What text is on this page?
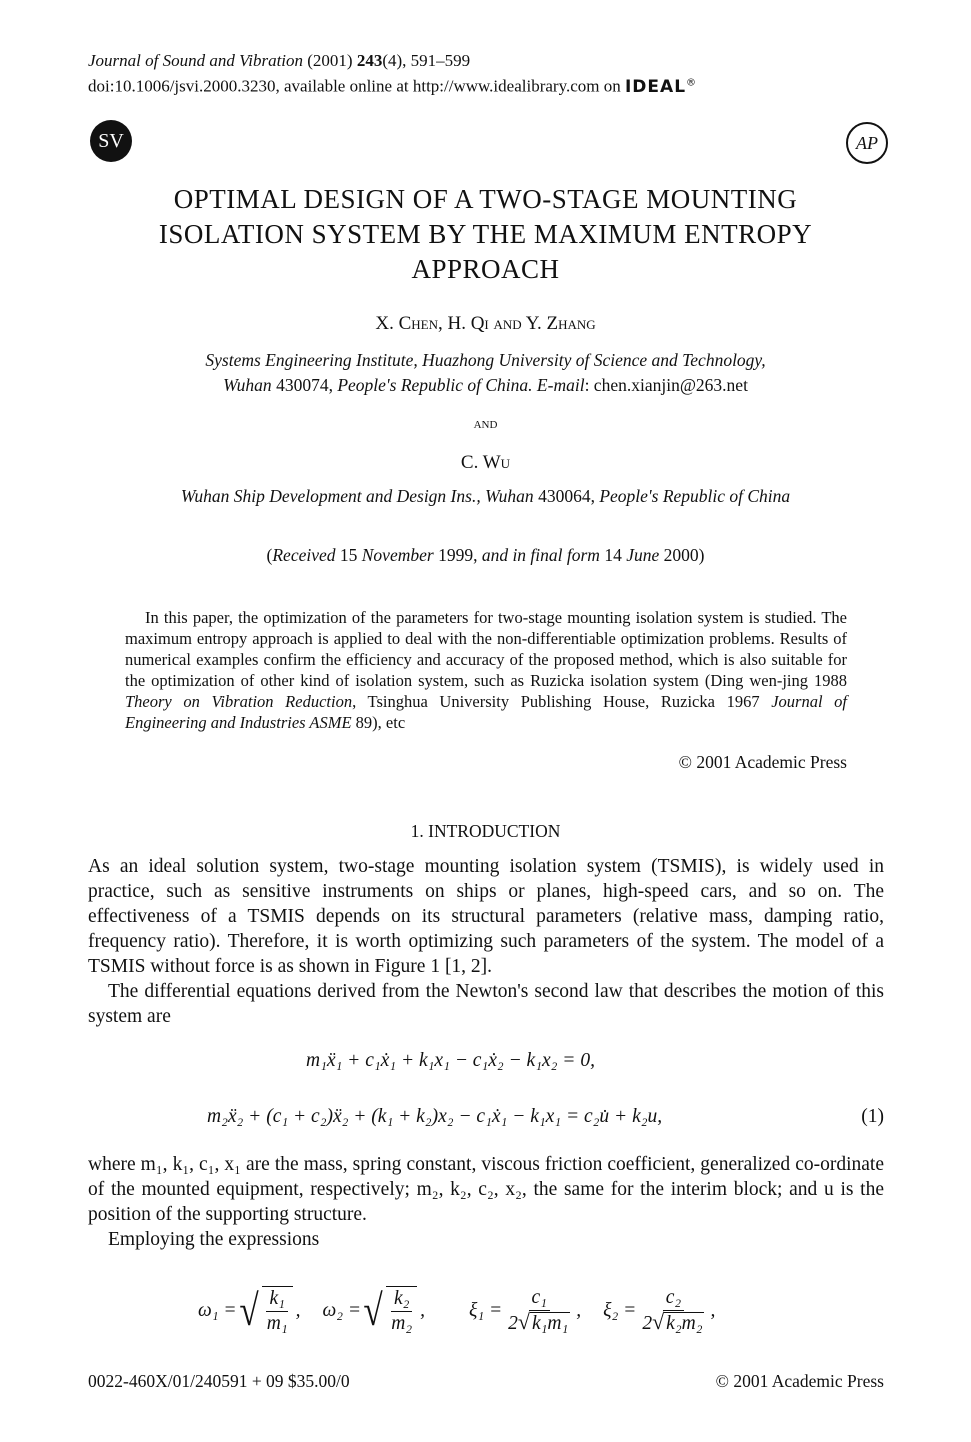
Journal of Sound and Vibration (2001) 243(4), 591–599
doi:10.1006/jsvi.2000.3230, available online at http://www.idealibrary.com on IDEAL®
SV	AP
OPTIMAL DESIGN OF A TWO-STAGE MOUNTING
ISOLATION SYSTEM BY THE MAXIMUM ENTROPY
APPROACH
X. Chen, H. Qi and Y. Zhang
Systems Engineering Institute, Huazhong University of Science and Technology,
Wuhan 430074, People's Republic of China. E-mail: chen.xianjin@263.net
and
C. Wu
Wuhan Ship Development and Design Ins., Wuhan 430064, People's Republic of China
(Received 15 November 1999, and in final form 14 June 2000)
In this paper, the optimization of the parameters for two-stage mounting isolation system is studied. The maximum entropy approach is applied to deal with the non-differentiable optimization problems. Results of numerical examples confirm the efficiency and accuracy of the proposed method, which is also suitable for the optimization of other kind of isolation system, such as Ruzicka isolation system (Ding wen-jing 1988 Theory on Vibration Reduction, Tsinghua University Publishing House, Ruzicka 1967 Journal of Engineering and Industries ASME 89), etc
© 2001 Academic Press
1. INTRODUCTION
As an ideal solution system, two-stage mounting isolation system (TSMIS), is widely used in practice, such as sensitive instruments on ships or planes, high-speed cars, and so on. The effectiveness of a TSMIS depends on its structural parameters (relative mass, damping ratio, frequency ratio). Therefore, it is worth optimizing such parameters of the system. The model of a TSMIS without force is as shown in Figure 1 [1, 2].
The differential equations derived from the Newton's second law that describes the motion of this system are
m₁ẍ₁ + c₁ẋ₁ + k₁x₁ − c₁ẋ₂ − k₁x₂ = 0,
m₂ẍ₂ + (c₁ + c₂)ẍ₂ + (k₁ + k₂)x₂ − c₁ẋ₁ − k₁x₁ = c₂u̇ + k₂u,	(1)
where m₁, k₁, c₁, x₁ are the mass, spring constant, viscous friction coefficient, generalized co-ordinate of the mounted equipment, respectively; m₂, k₂, c₂, x₂, the same for the interim block; and u is the position of the supporting structure.
Employing the expressions
ω₁ = √ $\frac{\text{k₁}}{\text{m₁}}$ , ω₂ = √ $\frac{\text{k₂}}{\text{m₂}}$ , $\xi_1 = \frac{\text{c₁}}{\text{2√ k₁m₁}}$ , $\xi_2 = \frac{\text{c₂}}{\text{2√ k₂m₂}}$ ,
0022-460X/01/240591 + 09 $35.00/0	© 2001 Academic Press
